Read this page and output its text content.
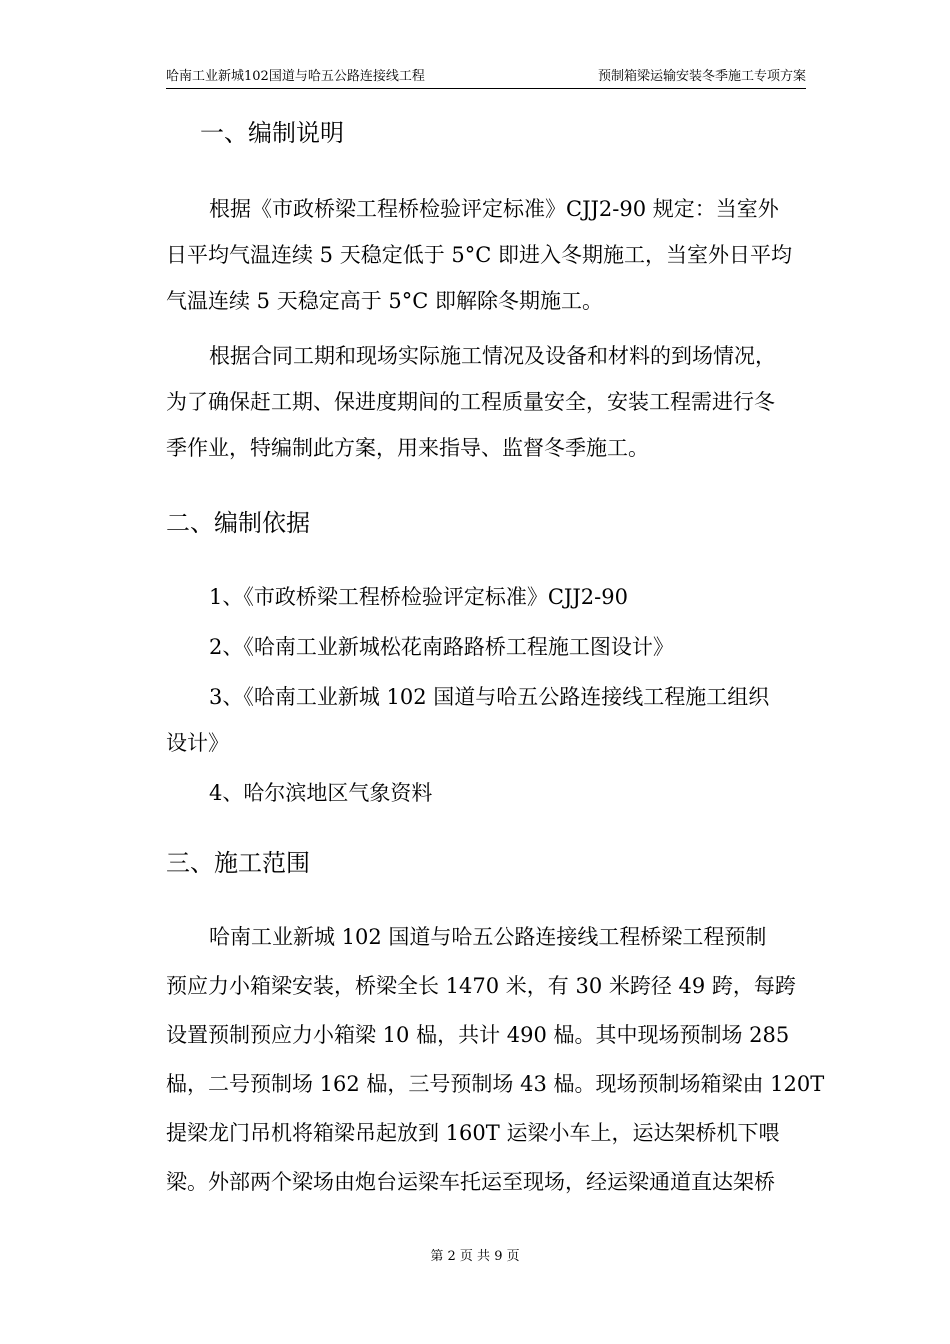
哈南工业新城102国道与哈五公路连接线工程	预制箱梁运输安装冬季施工专项方案
一、编制说明
根据《市政桥梁工程桥检验评定标准》CJJ2-90 规定：当室外
日平均气温连续 5 天稳定低于 5°C 即进入冬期施工，当室外日平均
气温连续 5 天稳定高于 5°C 即解除冬期施工。
根据合同工期和现场实际施工情况及设备和材料的到场情况，
为了确保赶工期、保进度期间的工程质量安全，安装工程需进行冬
季作业，特编制此方案，用来指导、监督冬季施工。
二、编制依据
1、《市政桥梁工程桥检验评定标准》CJJ2-90
2、《哈南工业新城松花南路路桥工程施工图设计》
3、《哈南工业新城 102 国道与哈五公路连接线工程施工组织
设计》
4、哈尔滨地区气象资料
三、施工范围
哈南工业新城 102 国道与哈五公路连接线工程桥梁工程预制
预应力小箱梁安装，桥梁全长 1470 米，有 30 米跨径 49 跨，每跨
设置预制预应力小箱梁 10 榀，共计 490 榀。其中现场预制场 285
榀，二号预制场 162 榀，三号预制场 43 榀。现场预制场箱梁由 120T
提梁龙门吊机将箱梁吊起放到 160T 运梁小车上，运达架桥机下喂
梁。外部两个梁场由炮台运梁车托运至现场，经运梁通道直达架桥
第 2 页 共 9 页
